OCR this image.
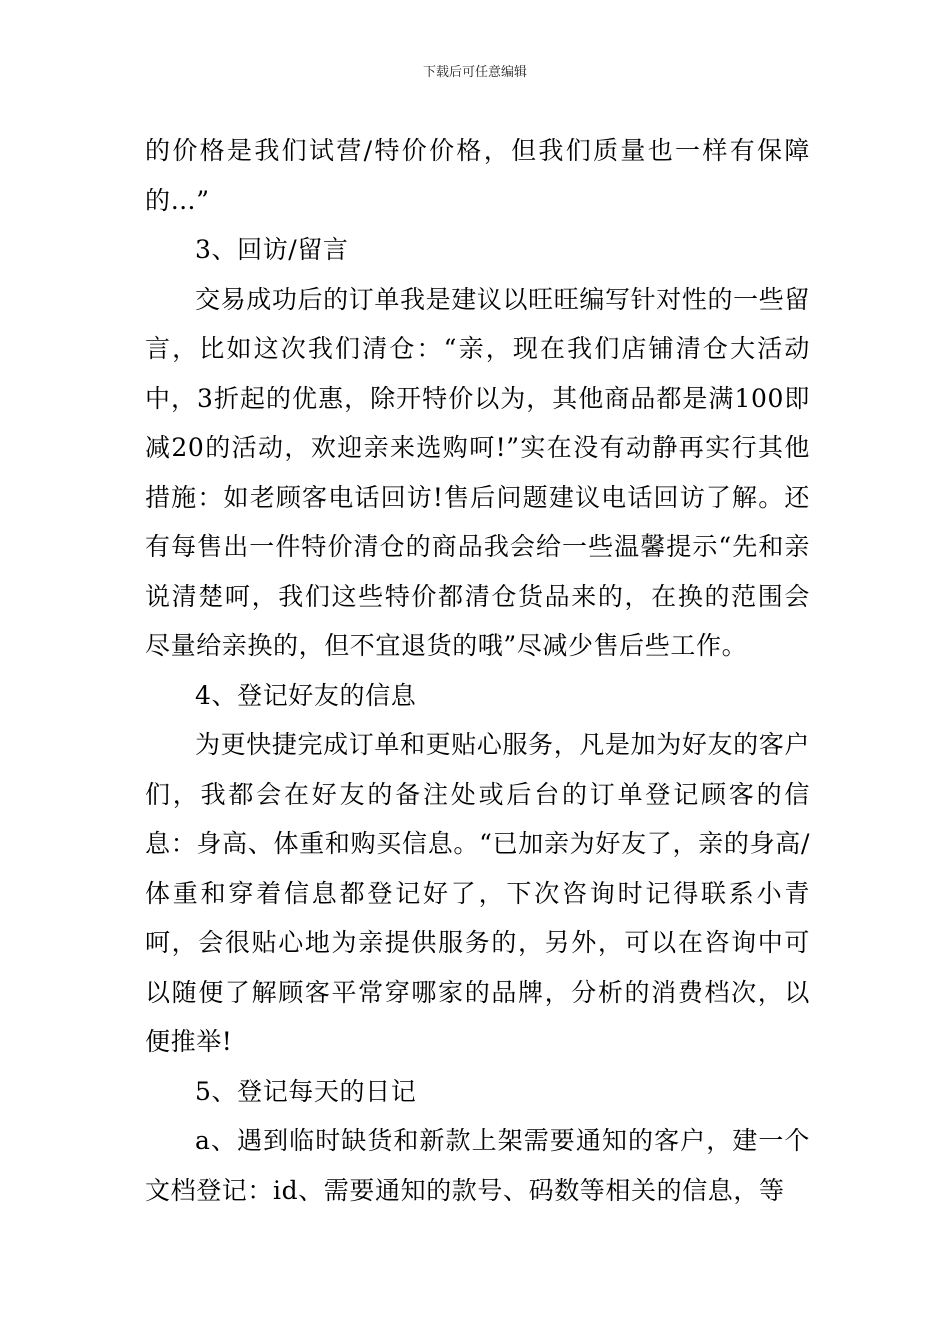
下载后可任意编辑

的价格是我们试营/特价价格，但我们质量也一样有保障的…”

3、回访/留言

交易成功后的订单我是建议以旺旺编写针对性的一些留言，比如这次我们清仓：“亲，现在我们店铺清仓大活动中，3折起的优惠，除开特价以为，其他商品都是满100即减20的活动，欢迎亲来选购呵!”实在没有动静再实行其他措施：如老顾客电话回访!售后问题建议电话回访了解。还有每售出一件特价清仓的商品我会给一些温馨提示“先和亲说清楚呵，我们这些特价都清仓货品来的，在换的范围会尽量给亲换的，但不宜退货的哦”尽减少售后些工作。

4、登记好友的信息

为更快捷完成订单和更贴心服务，凡是加为好友的客户们，我都会在好友的备注处或后台的订单登记顾客的信息：身高、体重和购买信息。“已加亲为好友了，亲的身高/体重和穿着信息都登记好了，下次咨询时记得联系小青呵，会很贴心地为亲提供服务的，另外，可以在咨询中可以随便了解顾客平常穿哪家的品牌，分析的消费档次，以便推举!

5、登记每天的日记

a、遇到临时缺货和新款上架需要通知的客户，建一个文档登记：id、需要通知的款号、码数等相关的信息，等
